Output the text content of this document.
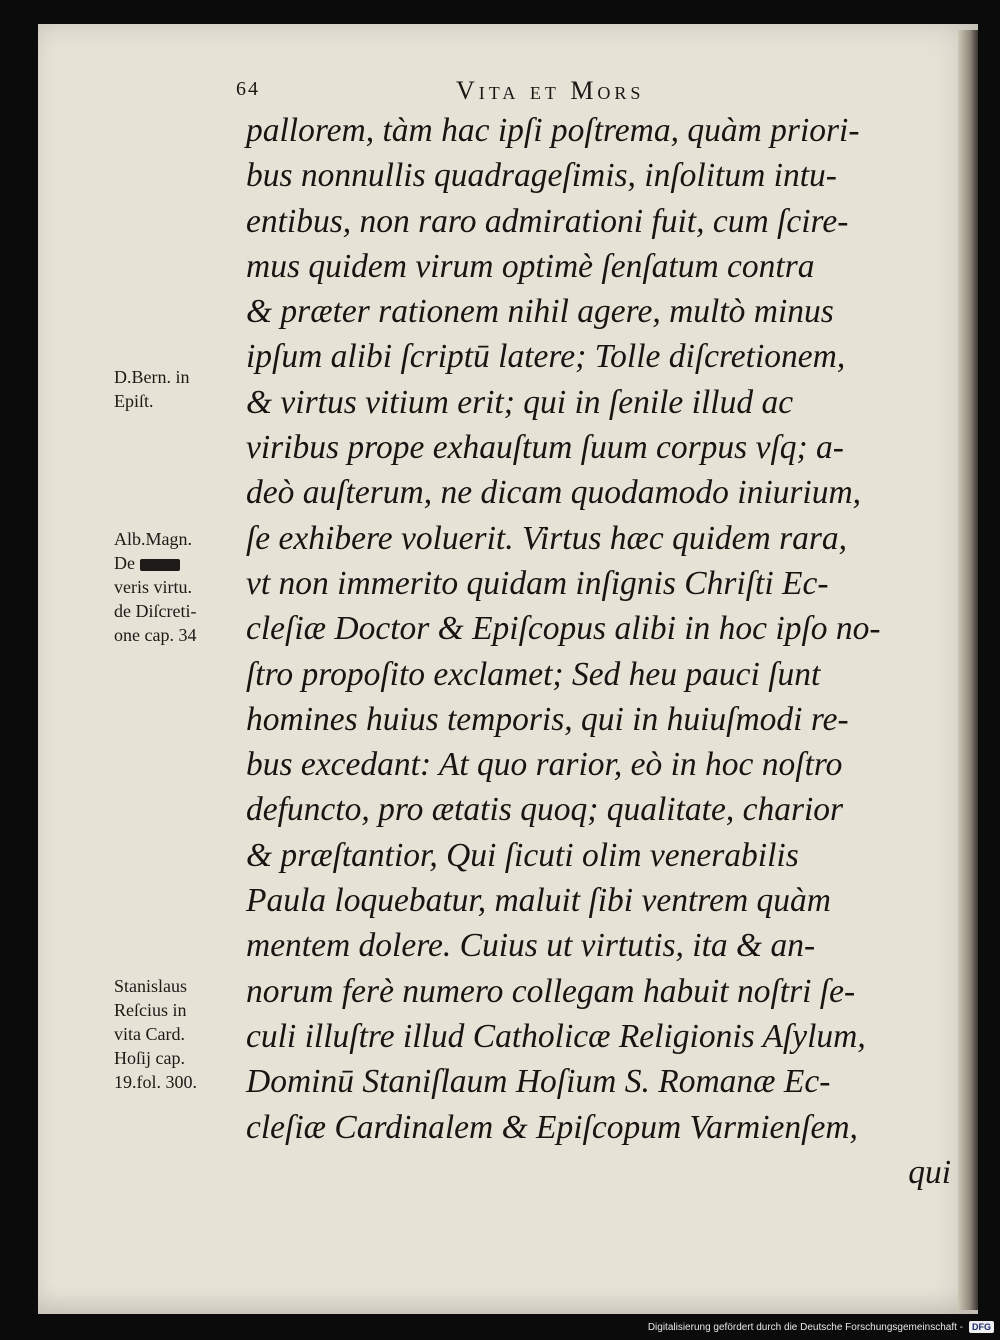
64	Vita et Mors
D.Bern. in
Epiſt.
Alb.Magn.
De
veris virtu.
de Diſcreti-
one cap. 34
Stanislaus
Reſcius in
vita Card.
Hoſij cap.
19.fol. 300.
pallorem, tàm hac ipſi poſtrema, quàm priori-
bus nonnullis quadrageſimis, inſolitum intu-
entibus, non raro admirationi fuit, cum ſcire-
mus quidem virum optimè ſenſatum contra
& præter rationem nihil agere, multò minus
ipſum alibi ſcriptū latere; Tolle diſcretionem,
& virtus vitium erit; qui in ſenile illud ac
viribus prope exhauſtum ſuum corpus vſq; a-
deò auſterum, ne dicam quodamodo iniurium,
ſe exhibere voluerit. Virtus hæc quidem rara,
vt non immerito quidam inſignis Chriſti Ec-
cleſiæ Doctor & Epiſcopus alibi in hoc ipſo no-
ſtro propoſito exclamet; Sed heu pauci ſunt
homines huius temporis, qui in huiuſmodi re-
bus excedant: At quo rarior, eò in hoc noſtro
defuncto, pro ætatis quoq; qualitate, charior
& præſtantior, Qui ſicuti olim venerabilis
Paula loquebatur, maluit ſibi ventrem quàm
mentem dolere. Cuius ut virtutis, ita & an-
norum ferè numero collegam habuit noſtri ſe-
culi illuſtre illud Catholicæ Religionis Aſylum,
Dominū Staniſlaum Hoſium S. Romanæ Ec-
cleſiæ Cardinalem & Epiſcopum Varmienſem,
qui
Digitalisierung gefördert durch die Deutsche Forschungsgemeinschaft -	DFG
